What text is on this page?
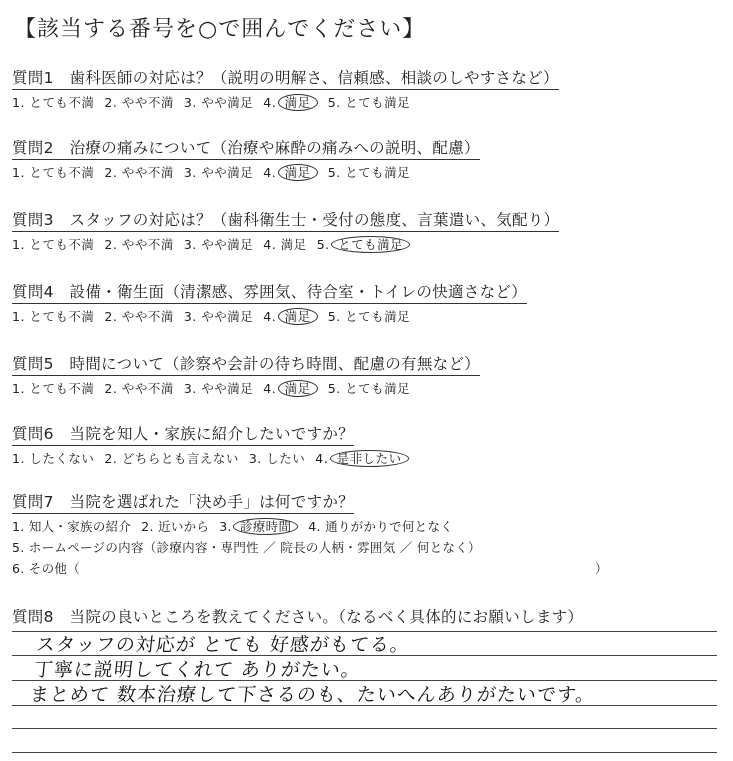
【該当する番号を○で囲んでください】
質問1　歯科医師の対応は？（説明の明解さ、信頼感、相談のしやすさなど）
1. とても不満 2. やや不満 3. やや満足 4. 満足 5. とても満足
質問2　治療の痛みについて（治療や麻酔の痛みへの説明、配慮）
1. とても不満 2. やや不満 3. やや満足 4. 満足 5. とても満足
質問3　スタッフの対応は？（歯科衛生士・受付の態度、言葉遣い、気配り）
1. とても不満 2. やや不満 3. やや満足 4. 満足 5. とても満足
質問4　設備・衛生面（清潔感、雰囲気、待合室・トイレの快適さなど）
1. とても不満 2. やや不満 3. やや満足 4. 満足 5. とても満足
質問5　時間について（診察や会計の待ち時間、配慮の有無など）
1. とても不満 2. やや不満 3. やや満足 4. 満足 5. とても満足
質問6　当院を知人・家族に紹介したいですか？
1. したくない 2. どちらとも言えない 3. したい 4. 是非したい
質問7　当院を選ばれた「決め手」は何ですか？
1. 知人・家族の紹介 2. 近いから 3. 診療時間 4. 通りがかりで何となく
5. ホームページの内容（診療内容・専門性 ／ 院長の人柄・雰囲気 ／ 何となく）
6. その他（	）
質問8　当院の良いところを教えてください。（なるべく具体的にお願いします）
スタッフの対応が とても 好感がもてる。
丁寧に説明してくれて ありがたい。
まとめて 数本治療して下さるのも、たいへんありがたいです。
